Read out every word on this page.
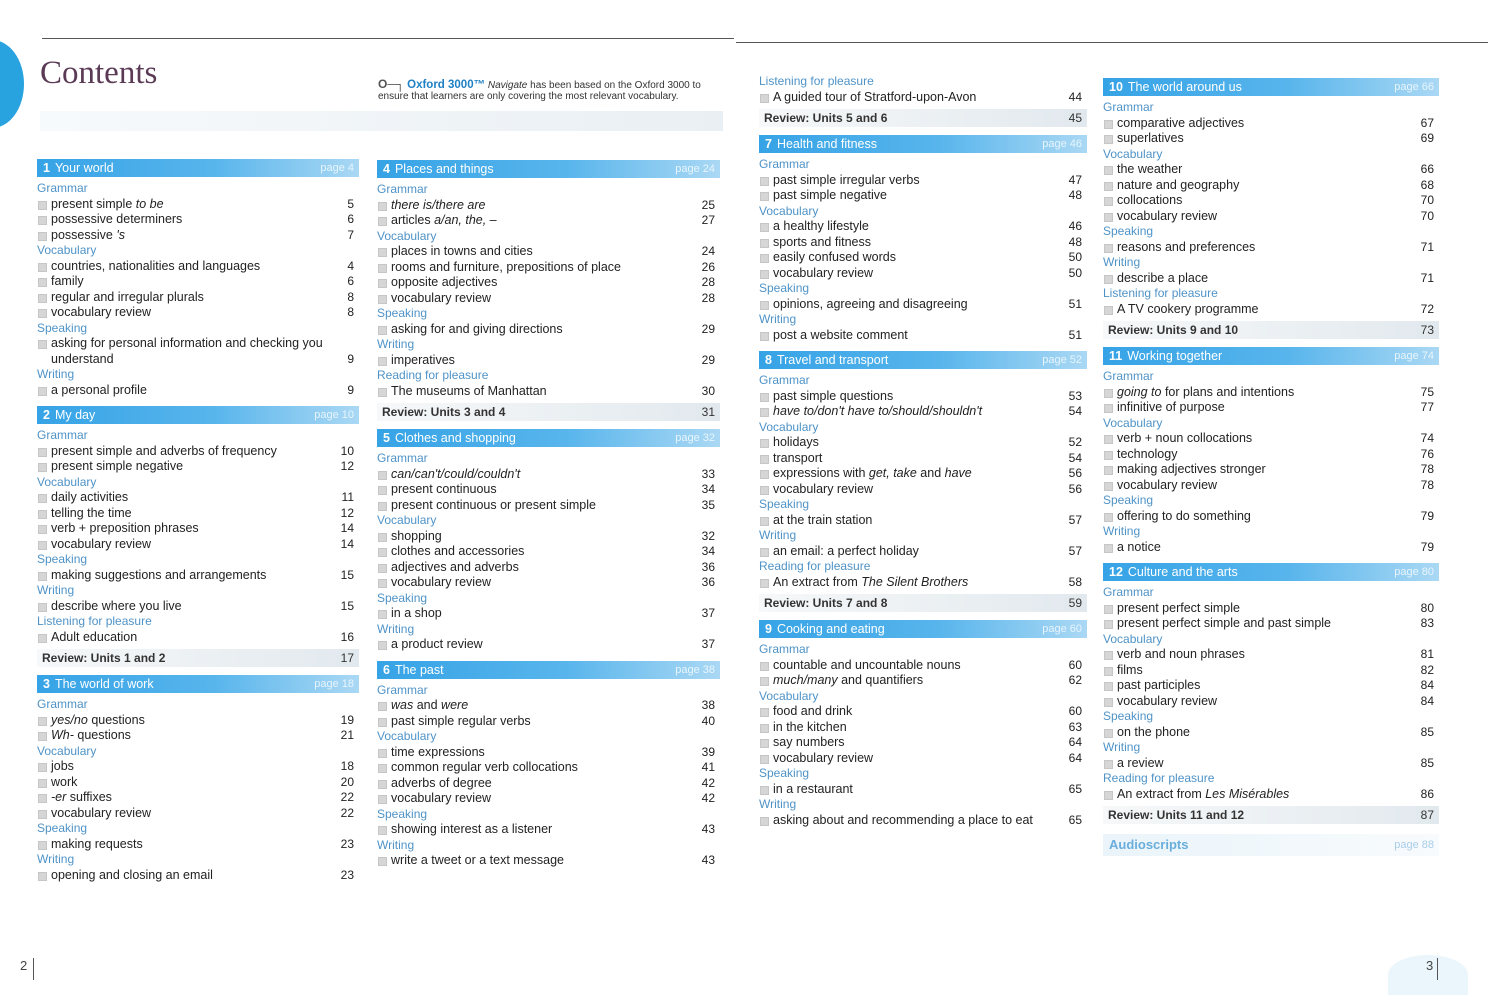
Contents	O─┐ Oxford 3000™ Navigate has been based on the Oxford 3000 to ensure that learners are only covering the most relevant vocabulary.
1 Your world	page 4
Grammar
present simple to be	5
possessive determiners	6
possessive 's	7
Vocabulary
countries, nationalities and languages	4
family	6
regular and irregular plurals	8
vocabulary review	8
Speaking
asking for personal information and checking you understand	9
Writing
a personal profile	9
2 My day	page 10
Grammar
present simple and adverbs of frequency	10
present simple negative	12
Vocabulary
daily activities	11
telling the time	12
verb + preposition phrases	14
vocabulary review	14
Speaking
making suggestions and arrangements	15
Writing
describe where you live	15
Listening for pleasure
Adult education	16
Review: Units 1 and 2	17
3 The world of work	page 18
Grammar
yes/no questions	19
Wh- questions	21
Vocabulary
jobs	18
work	20
-er suffixes	22
vocabulary review	22
Speaking
making requests	23
Writing
opening and closing an email	23
4 Places and things	page 24
Grammar
there is/there are	25
articles a/an, the, –	27
Vocabulary
places in towns and cities	24
rooms and furniture, prepositions of place	26
opposite adjectives	28
vocabulary review	28
Speaking
asking for and giving directions	29
Writing
imperatives	29
Reading for pleasure
The museums of Manhattan	30
Review: Units 3 and 4	31
5 Clothes and shopping	page 32
Grammar
can/can't/could/couldn't	33
present continuous	34
present continuous or present simple	35
Vocabulary
shopping	32
clothes and accessories	34
adjectives and adverbs	36
vocabulary review	36
Speaking
in a shop	37
Writing
a product review	37
6 The past	page 38
Grammar
was and were	38
past simple regular verbs	40
Vocabulary
time expressions	39
common regular verb collocations	41
adverbs of degree	42
vocabulary review	42
Speaking
showing interest as a listener	43
Writing
write a tweet or a text message	43
Listening for pleasure
A guided tour of Stratford-upon-Avon	44
Review: Units 5 and 6	45
7 Health and fitness	page 46
Grammar
past simple irregular verbs	47
past simple negative	48
Vocabulary
a healthy lifestyle	46
sports and fitness	48
easily confused words	50
vocabulary review	50
Speaking
opinions, agreeing and disagreeing	51
Writing
post a website comment	51
8 Travel and transport	page 52
Grammar
past simple questions	53
have to/don't have to/should/shouldn't	54
Vocabulary
holidays	52
transport	54
expressions with get, take and have	56
vocabulary review	56
Speaking
at the train station	57
Writing
an email: a perfect holiday	57
Reading for pleasure
An extract from The Silent Brothers	58
Review: Units 7 and 8	59
9 Cooking and eating	page 60
Grammar
countable and uncountable nouns	60
much/many and quantifiers	62
Vocabulary
food and drink	60
in the kitchen	63
say numbers	64
vocabulary review	64
Speaking
in a restaurant	65
Writing
asking about and recommending a place to eat	65
10 The world around us	page 66
Grammar
comparative adjectives	67
superlatives	69
Vocabulary
the weather	66
nature and geography	68
collocations	70
vocabulary review	70
Speaking
reasons and preferences	71
Writing
describe a place	71
Listening for pleasure
A TV cookery programme	72
Review: Units 9 and 10	73
11 Working together	page 74
Grammar
going to for plans and intentions	75
infinitive of purpose	77
Vocabulary
verb + noun collocations	74
technology	76
making adjectives stronger	78
vocabulary review	78
Speaking
offering to do something	79
Writing
a notice	79
12 Culture and the arts	page 80
Grammar
present perfect simple	80
present perfect simple and past simple	83
Vocabulary
verb and noun phrases	81
films	82
past participles	84
vocabulary review	84
Speaking
on the phone	85
Writing
a review	85
Reading for pleasure
An extract from Les Misérables	86
Review: Units 11 and 12	87
Audioscripts	page 88
2	3
